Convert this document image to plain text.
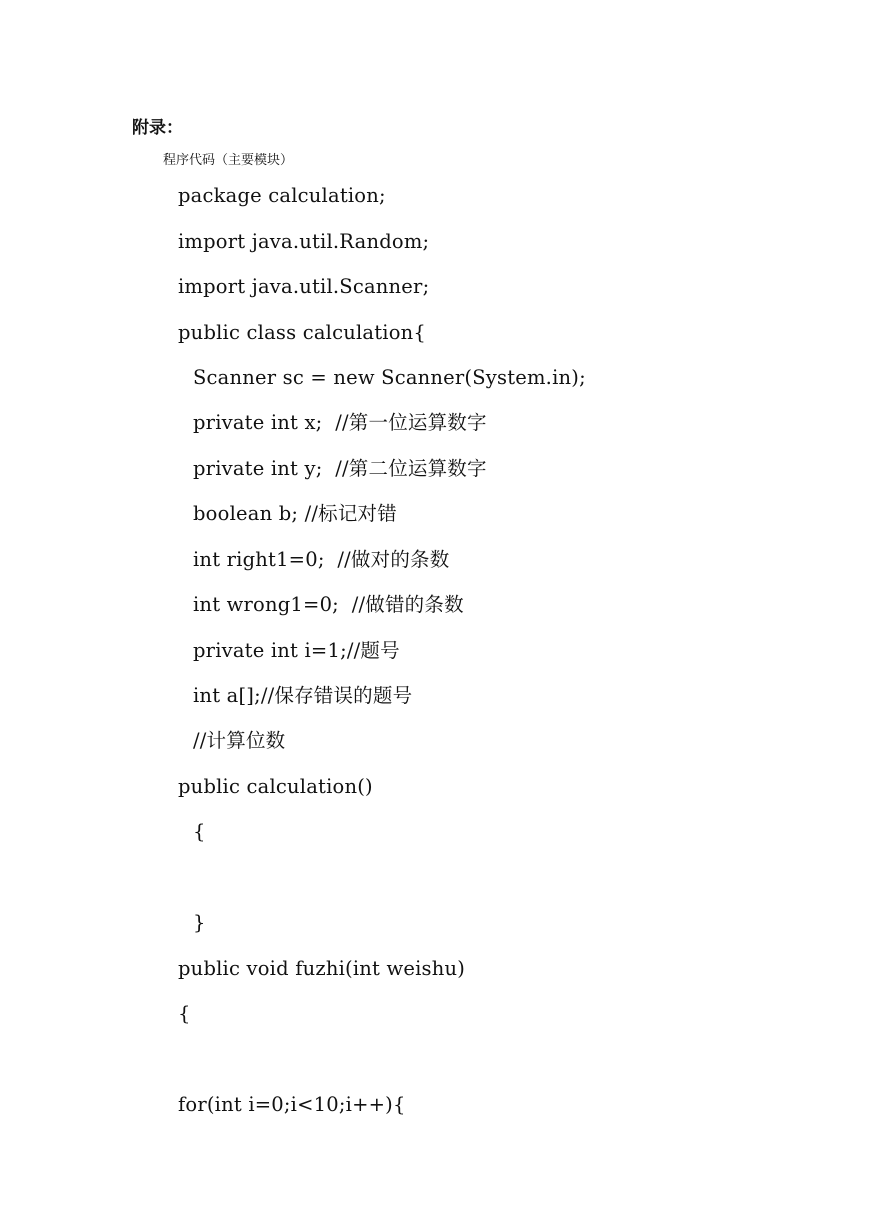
附录：
程序代码（主要模块）
package calculation;
import java.util.Random;
import java.util.Scanner;
public class calculation{
Scanner sc = new Scanner(System.in);
private int x;  //第一位运算数字
private int y;  //第二位运算数字
boolean b; //标记对错
int right1=0;  //做对的条数
int wrong1=0;  //做错的条数
private int i=1;//题号
int a[];//保存错误的题号
//计算位数
public calculation()
{
}
public void fuzhi(int weishu)
{
for(int i=0;i<10;i++){
